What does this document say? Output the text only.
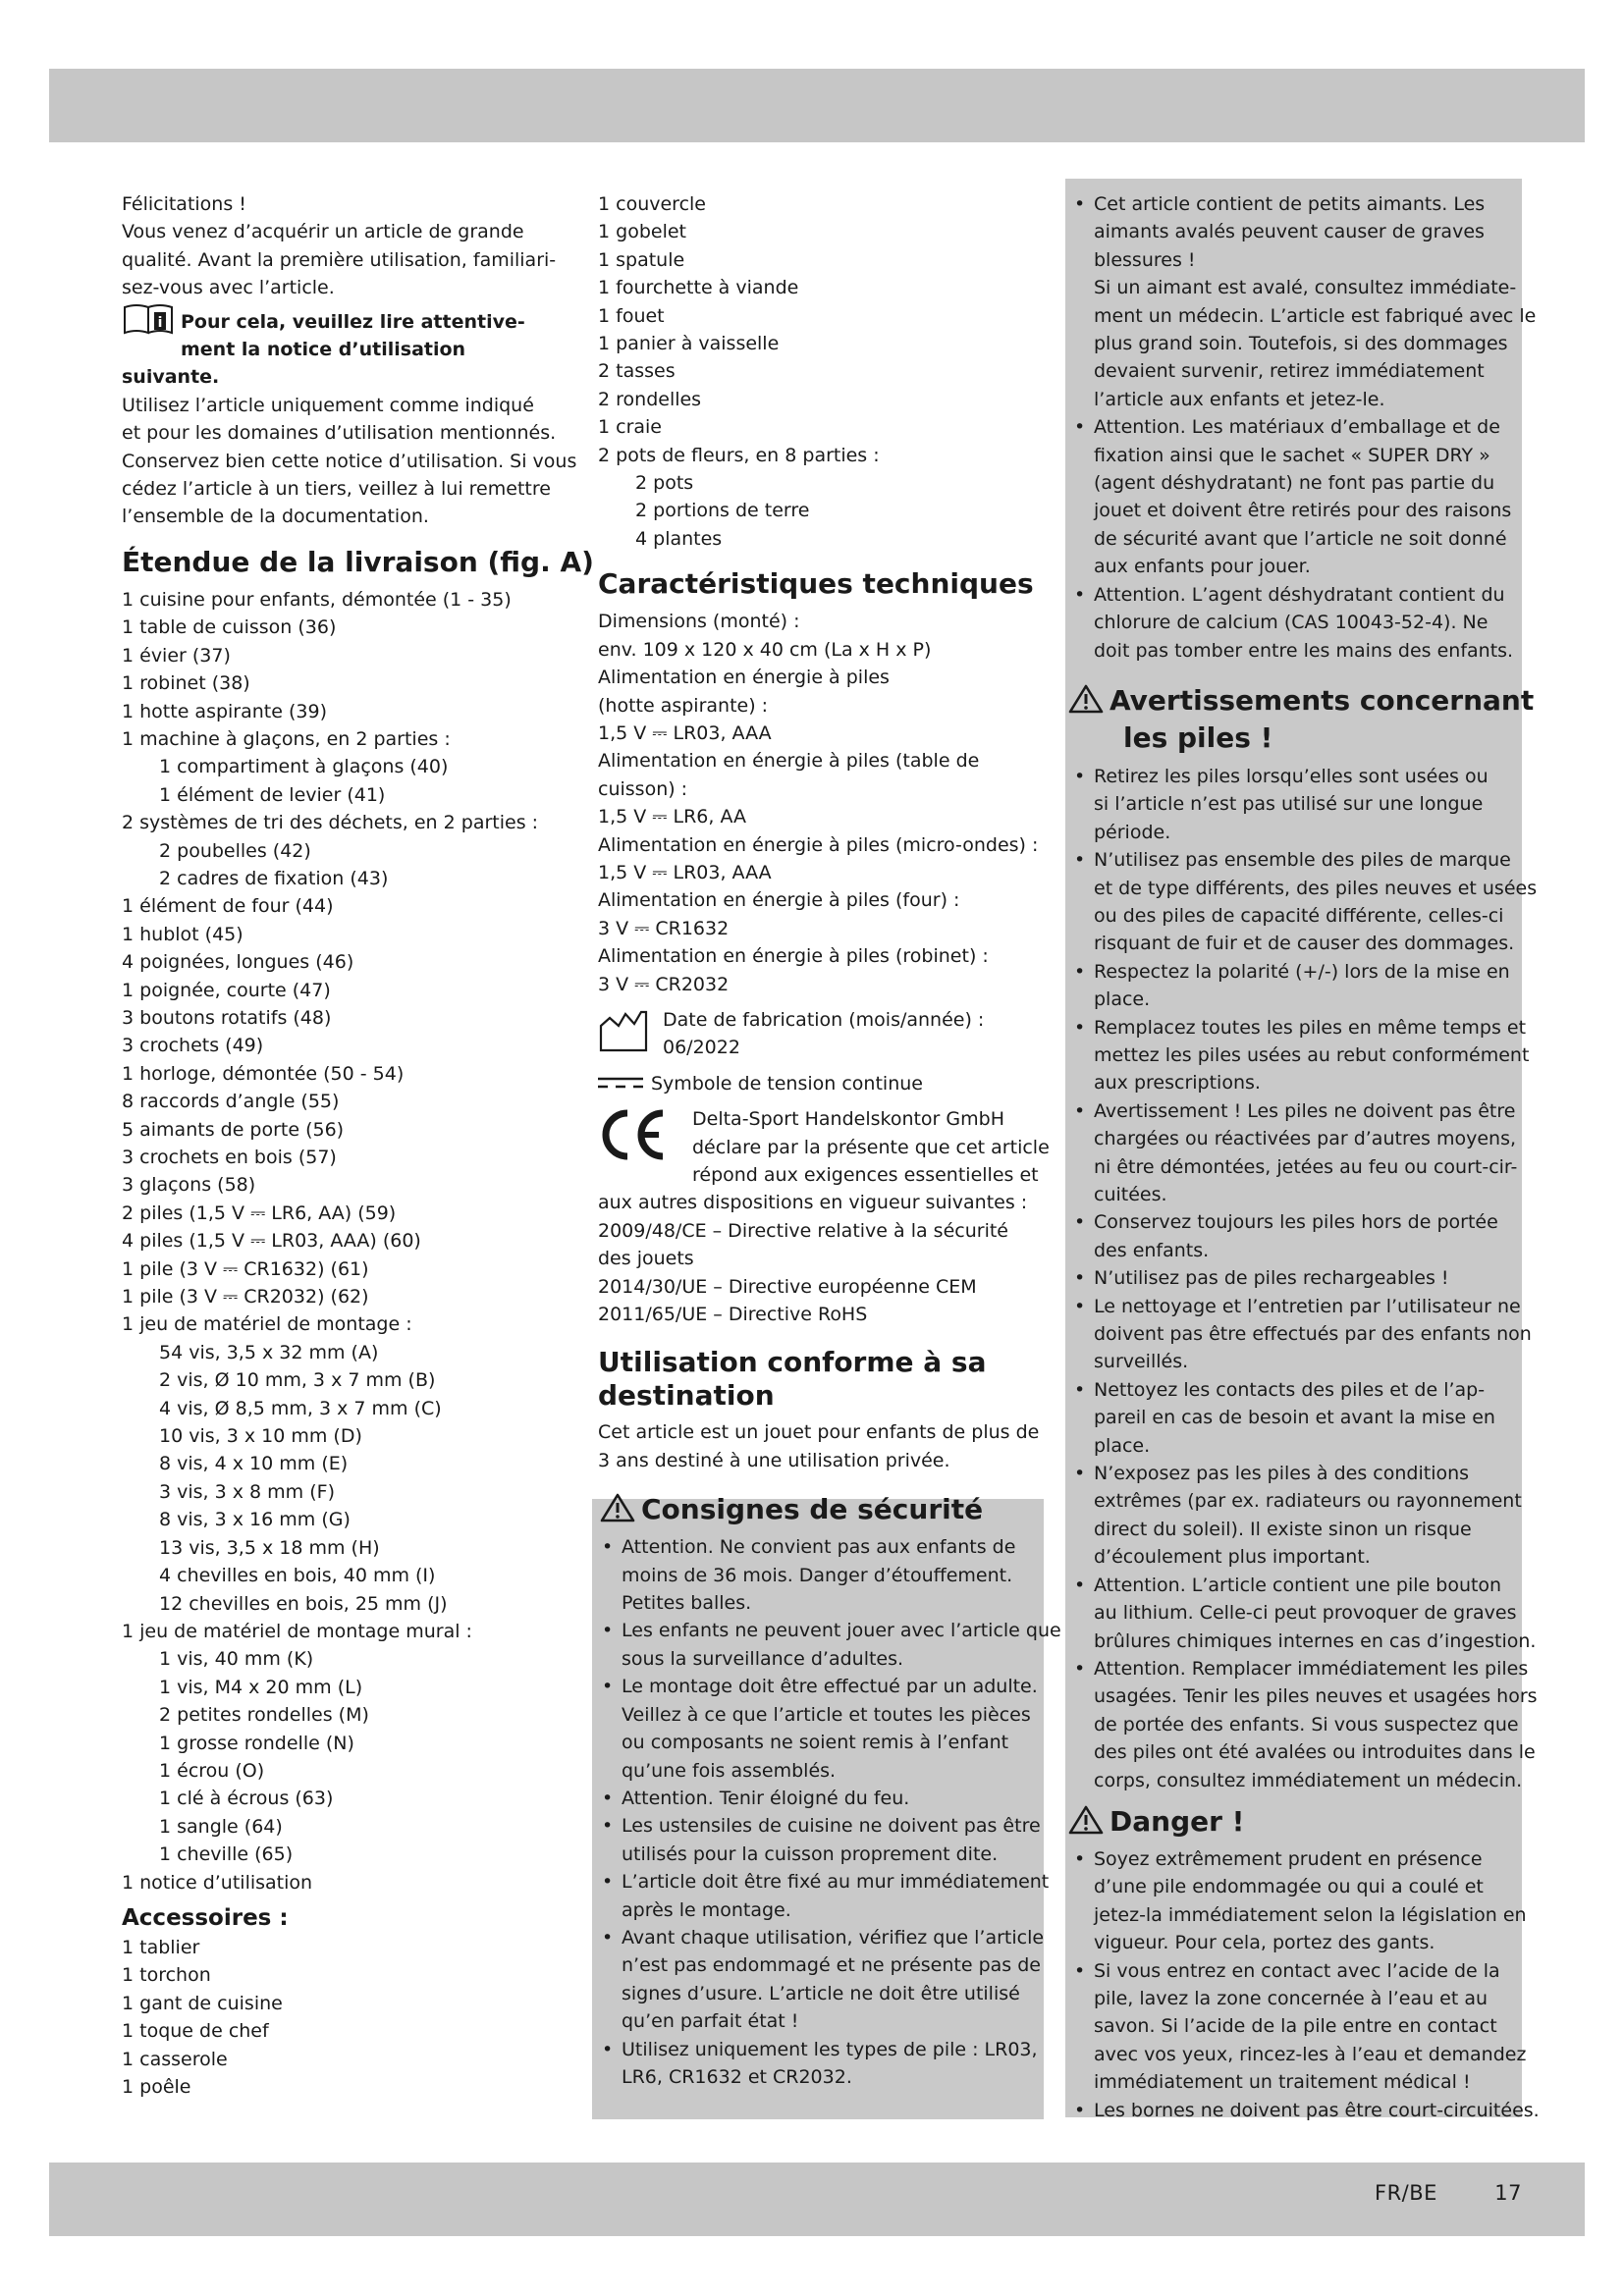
Félicitations !
Vous venez d’acquérir un article de grande
qualité. Avant la première utilisation, familiari-
sez-vous avec l’article.
i Pour cela, veuillez lire attentive-
ment la notice d’utilisation
suivante.
Utilisez l’article uniquement comme indiqué
et pour les domaines d’utilisation mentionnés.
Conservez bien cette notice d’utilisation. Si vous
cédez l’article à un tiers, veillez à lui remettre
l’ensemble de la documentation.
Étendue de la livraison (fig. A)
1 cuisine pour enfants, démontée (1 - 35)
1 table de cuisson (36)
1 évier (37)
1 robinet (38)
1 hotte aspirante (39)
1 machine à glaçons, en 2 parties :
1 compartiment à glaçons (40)
1 élément de levier (41)
2 systèmes de tri des déchets, en 2 parties :
2 poubelles (42)
2 cadres de fixation (43)
1 élément de four (44)
1 hublot (45)
4 poignées, longues (46)
1 poignée, courte (47)
3 boutons rotatifs (48)
3 crochets (49)
1 horloge, démontée (50 - 54)
8 raccords d’angle (55)
5 aimants de porte (56)
3 crochets en bois (57)
3 glaçons (58)
2 piles (1,5 V ⎓ LR6, AA) (59)
4 piles (1,5 V ⎓ LR03, AAA) (60)
1 pile (3 V ⎓ CR1632) (61)
1 pile (3 V ⎓ CR2032) (62)
1 jeu de matériel de montage :
54 vis, 3,5 x 32 mm (A)
2 vis, Ø 10 mm, 3 x 7 mm (B)
4 vis, Ø 8,5 mm, 3 x 7 mm (C)
10 vis, 3 x 10 mm (D)
8 vis, 4 x 10 mm (E)
3 vis, 3 x 8 mm (F)
8 vis, 3 x 16 mm (G)
13 vis, 3,5 x 18 mm (H)
4 chevilles en bois, 40 mm (I)
12 chevilles en bois, 25 mm (J)
1 jeu de matériel de montage mural :
1 vis, 40 mm (K)
1 vis, M4 x 20 mm (L)
2 petites rondelles (M)
1 grosse rondelle (N)
1 écrou (O)
1 clé à écrous (63)
1 sangle (64)
1 cheville (65)
1 notice d’utilisation
Accessoires :
1 tablier
1 torchon
1 gant de cuisine
1 toque de chef
1 casserole
1 poêle
1 couvercle
1 gobelet
1 spatule
1 fourchette à viande
1 fouet
1 panier à vaisselle
2 tasses
2 rondelles
1 craie
2 pots de fleurs, en 8 parties :
2 pots
2 portions de terre
4 plantes
Caractéristiques techniques
Dimensions (monté) :
env. 109 x 120 x 40 cm (La x H x P)
Alimentation en énergie à piles
(hotte aspirante) :
1,5 V ⎓ LR03, AAA
Alimentation en énergie à piles (table de
cuisson) :
1,5 V ⎓ LR6, AA
Alimentation en énergie à piles (micro-ondes) :
1,5 V ⎓ LR03, AAA
Alimentation en énergie à piles (four) :
3 V ⎓ CR1632
Alimentation en énergie à piles (robinet) :
3 V ⎓ CR2032
Date de fabrication (mois/année) :
06/2022
Symbole de tension continue
Delta-Sport Handelskontor GmbH
déclare par la présente que cet article
répond aux exigences essentielles et
aux autres dispositions en vigueur suivantes :
2009/48/CE – Directive relative à la sécurité
des jouets
2014/30/UE – Directive européenne CEM
2011/65/UE – Directive RoHS
Utilisation conforme à sa
destination
Cet article est un jouet pour enfants de plus de
3 ans destiné à une utilisation privée.
Consignes de sécurité
• Attention. Ne convient pas aux enfants de
moins de 36 mois. Danger d’étouffement.
Petites balles.
• Les enfants ne peuvent jouer avec l’article que
sous la surveillance d’adultes.
• Le montage doit être effectué par un adulte.
Veillez à ce que l’article et toutes les pièces
ou composants ne soient remis à l’enfant
qu’une fois assemblés.
• Attention. Tenir éloigné du feu.
• Les ustensiles de cuisine ne doivent pas être
utilisés pour la cuisson proprement dite.
• L’article doit être fixé au mur immédiatement
après le montage.
• Avant chaque utilisation, vérifiez que l’article
n’est pas endommagé et ne présente pas de
signes d’usure. L’article ne doit être utilisé
qu’en parfait état !
• Utilisez uniquement les types de pile : LR03,
LR6, CR1632 et CR2032.
• Cet article contient de petits aimants. Les
aimants avalés peuvent causer de graves
blessures !
Si un aimant est avalé, consultez immédiate-
ment un médecin. L’article est fabriqué avec le
plus grand soin. Toutefois, si des dommages
devaient survenir, retirez immédiatement
l’article aux enfants et jetez-le.
• Attention. Les matériaux d’emballage et de
fixation ainsi que le sachet « SUPER DRY »
(agent déshydratant) ne font pas partie du
jouet et doivent être retirés pour des raisons
de sécurité avant que l’article ne soit donné
aux enfants pour jouer.
• Attention. L’agent déshydratant contient du
chlorure de calcium (CAS 10043-52-4). Ne
doit pas tomber entre les mains des enfants.
Avertissements concernant
les piles !
• Retirez les piles lorsqu’elles sont usées ou
si l’article n’est pas utilisé sur une longue
période.
• N’utilisez pas ensemble des piles de marque
et de type différents, des piles neuves et usées
ou des piles de capacité différente, celles-ci
risquant de fuir et de causer des dommages.
• Respectez la polarité (+/-) lors de la mise en
place.
• Remplacez toutes les piles en même temps et
mettez les piles usées au rebut conformément
aux prescriptions.
• Avertissement ! Les piles ne doivent pas être
chargées ou réactivées par d’autres moyens,
ni être démontées, jetées au feu ou court-cir-
cuitées.
• Conservez toujours les piles hors de portée
des enfants.
• N’utilisez pas de piles rechargeables !
• Le nettoyage et l’entretien par l’utilisateur ne
doivent pas être effectués par des enfants non
surveillés.
• Nettoyez les contacts des piles et de l’ap-
pareil en cas de besoin et avant la mise en
place.
• N’exposez pas les piles à des conditions
extrêmes (par ex. radiateurs ou rayonnement
direct du soleil). Il existe sinon un risque
d’écoulement plus important.
• Attention. L’article contient une pile bouton
au lithium. Celle-ci peut provoquer de graves
brûlures chimiques internes en cas d’ingestion.
• Attention. Remplacer immédiatement les piles
usagées. Tenir les piles neuves et usagées hors
de portée des enfants. Si vous suspectez que
des piles ont été avalées ou introduites dans le
corps, consultez immédiatement un médecin.
Danger !
• Soyez extrêmement prudent en présence
d’une pile endommagée ou qui a coulé et
jetez-la immédiatement selon la législation en
vigueur. Pour cela, portez des gants.
• Si vous entrez en contact avec l’acide de la
pile, lavez la zone concernée à l’eau et au
savon. Si l’acide de la pile entre en contact
avec vos yeux, rincez-les à l’eau et demandez
immédiatement un traitement médical !
• Les bornes ne doivent pas être court-circuitées.
FR/BE	17
